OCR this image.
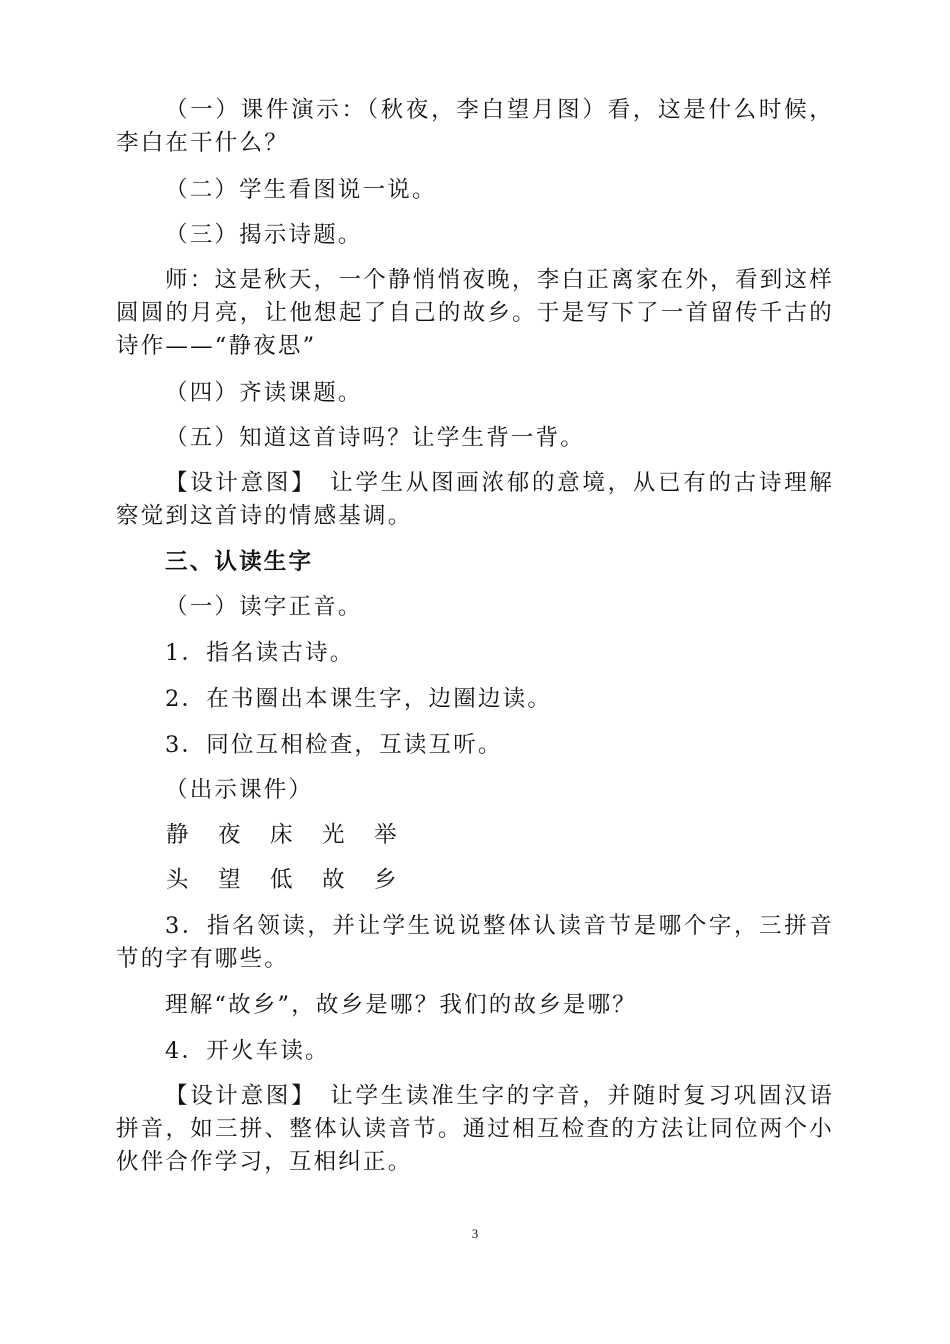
（一）课件演示：（秋夜，李白望月图）看，这是什么时候，李白在干什么？

（二）学生看图说一说。

（三）揭示诗题。

师：这是秋天，一个静悄悄夜晚，李白正离家在外，看到这样圆圆的月亮，让他想起了自己的故乡。于是写下了一首留传千古的诗作——“静夜思”

（四）齐读课题。

（五）知道这首诗吗？让学生背一背。

【设计意图】　让学生从图画浓郁的意境，从已有的古诗理解察觉到这首诗的情感基调。

三、认读生字

（一）读字正音。

1．指名读古诗。

2．在书圈出本课生字，边圈边读。

3．同位互相检查，互读互听。

（出示课件）

静	夜	床	光	举
头	望	低	故	乡

3．指名领读，并让学生说说整体认读音节是哪个字，三拼音节的字有哪些。

理解“故乡”，故乡是哪？我们的故乡是哪？

4．开火车读。

【设计意图】　让学生读准生字的字音，并随时复习巩固汉语拼音，如三拼、整体认读音节。通过相互检查的方法让同位两个小伙伴合作学习，互相纠正。

3
